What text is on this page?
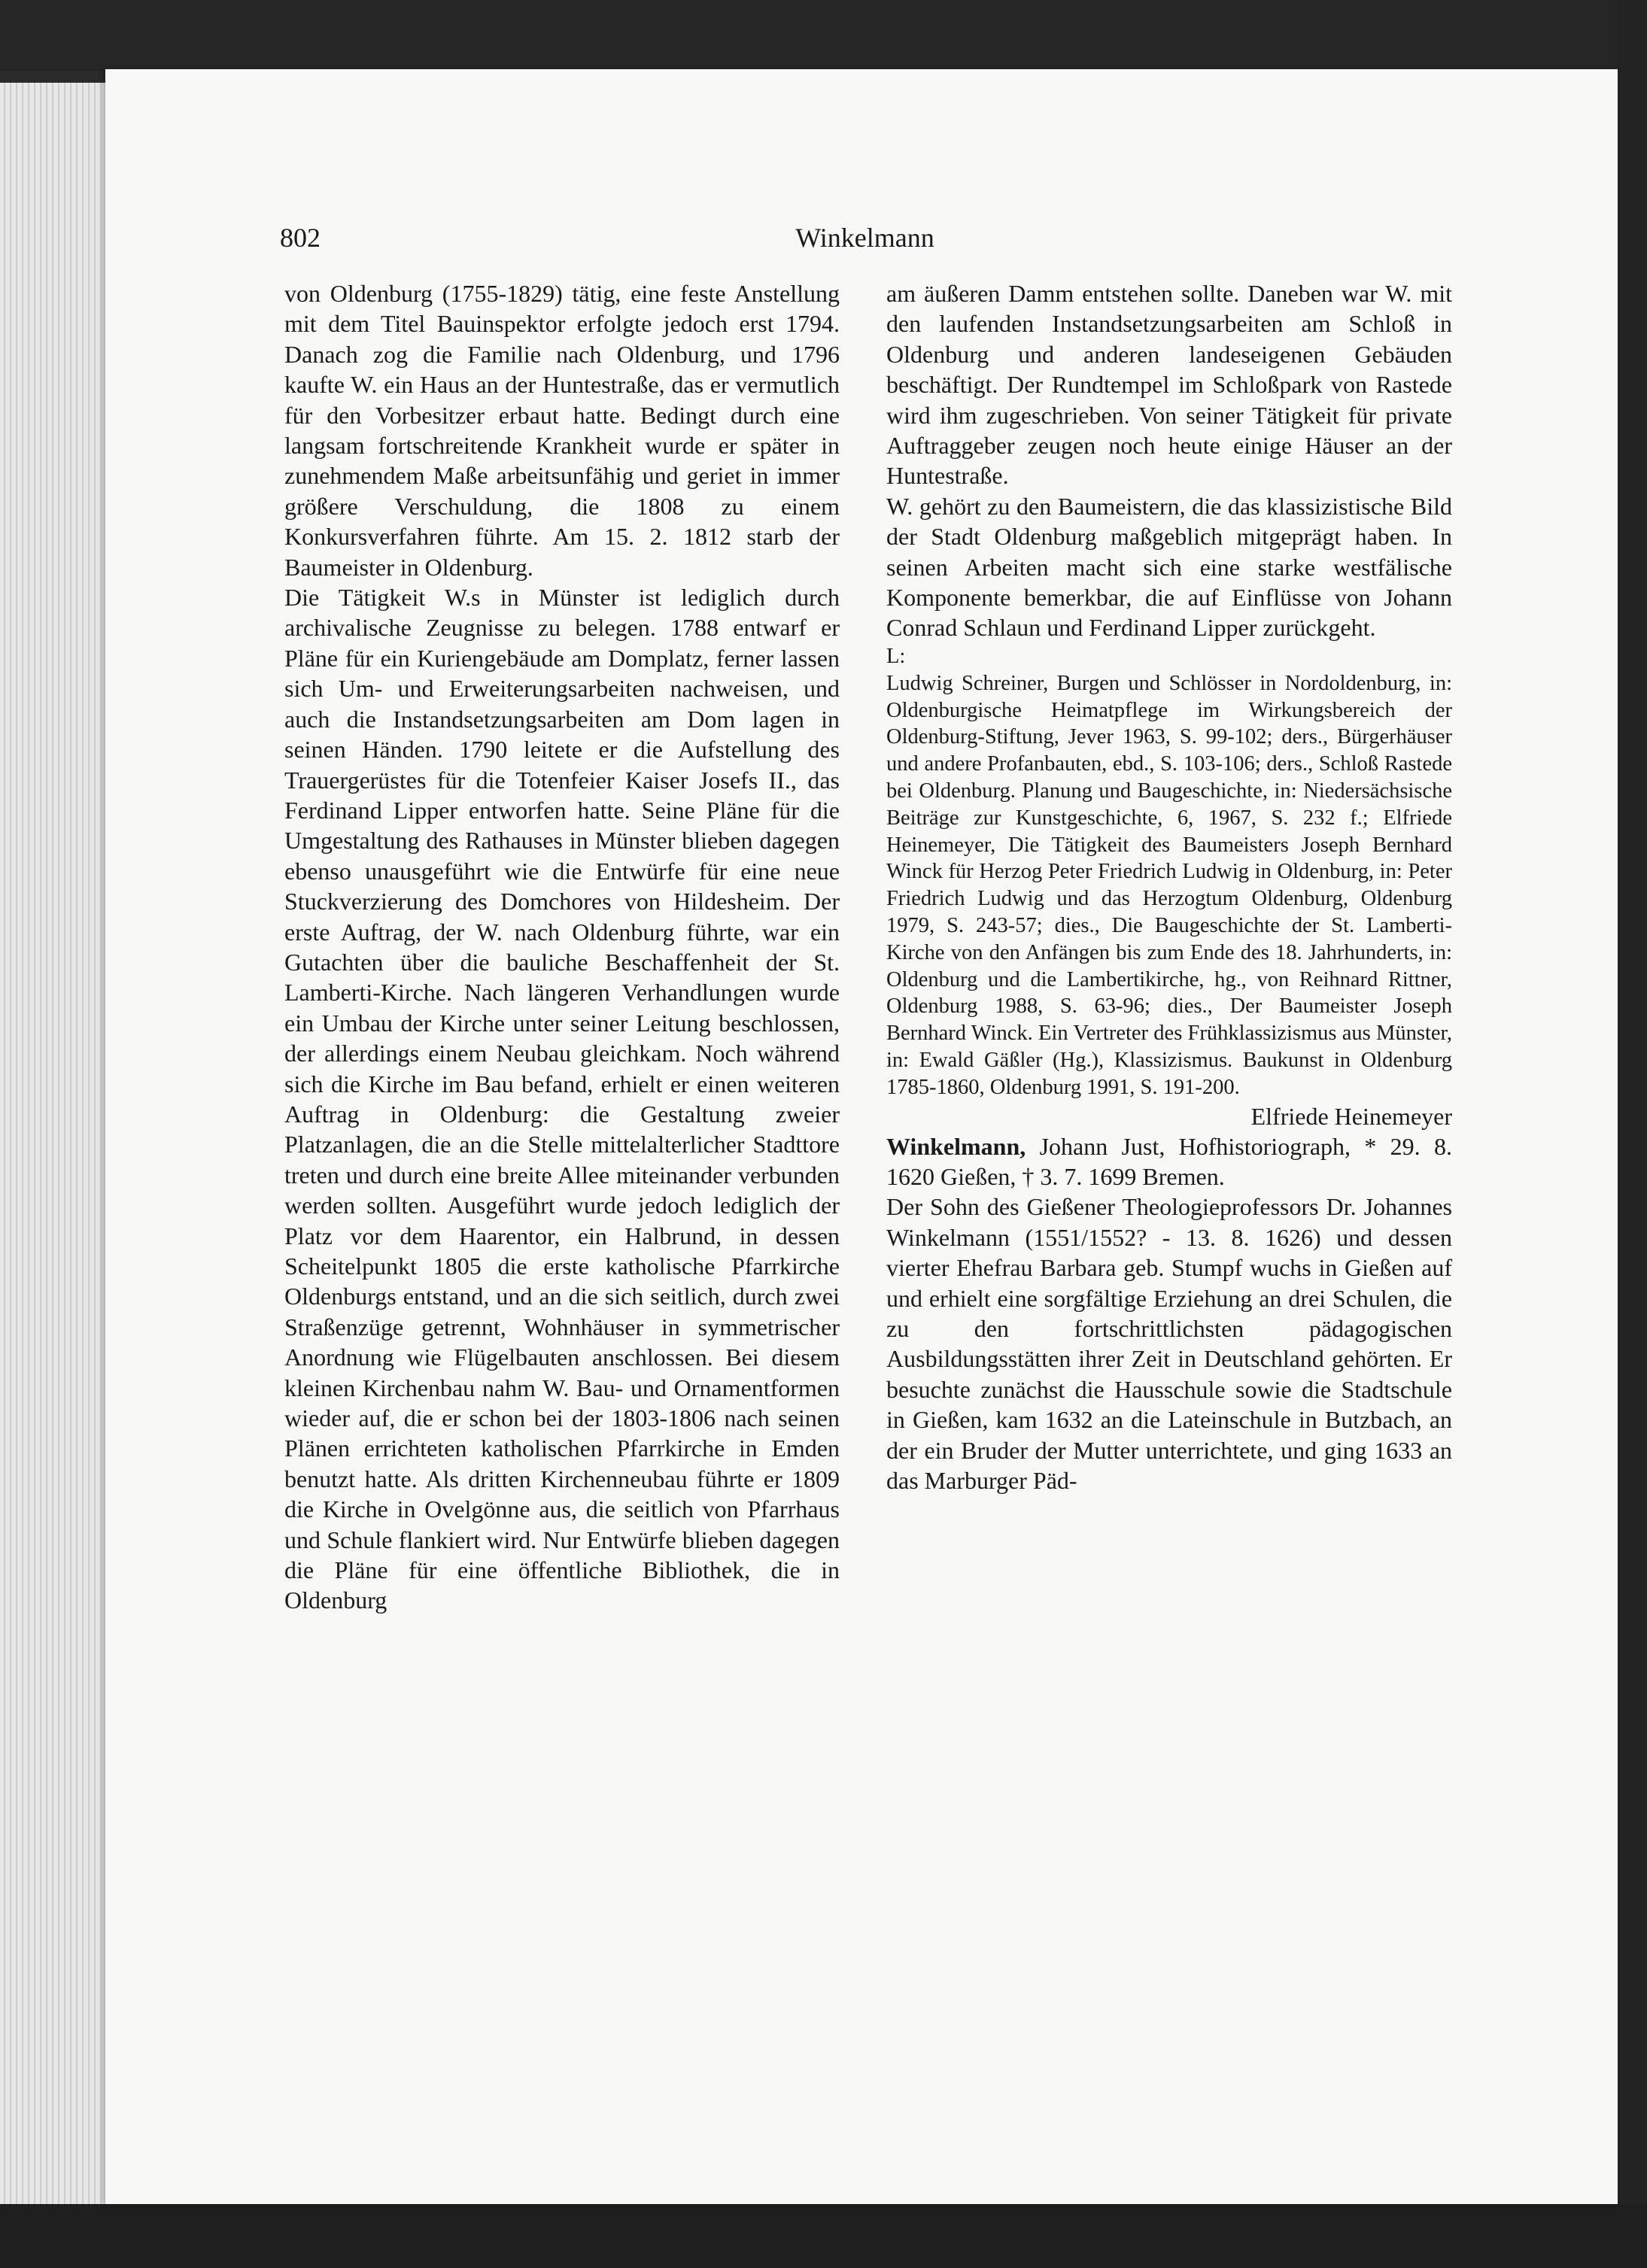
802	Winkelmann

von Oldenburg (1755-1829) tätig, eine feste Anstellung mit dem Titel Bauinspektor erfolgte jedoch erst 1794. Danach zog die Familie nach Oldenburg, und 1796 kaufte W. ein Haus an der Huntestraße, das er vermutlich für den Vorbesitzer erbaut hatte. Bedingt durch eine langsam fortschreitende Krankheit wurde er später in zunehmendem Maße arbeitsunfähig und geriet in immer größere Verschuldung, die 1808 zu einem Konkursverfahren führte. Am 15. 2. 1812 starb der Baumeister in Oldenburg.

Die Tätigkeit W.s in Münster ist lediglich durch archivalische Zeugnisse zu belegen. 1788 entwarf er Pläne für ein Kuriengebäude am Domplatz, ferner lassen sich Um- und Erweiterungsarbeiten nachweisen, und auch die Instandsetzungsarbeiten am Dom lagen in seinen Händen. 1790 leitete er die Aufstellung des Trauergerüstes für die Totenfeier Kaiser Josefs II., das Ferdinand Lipper entworfen hatte. Seine Pläne für die Umgestaltung des Rathauses in Münster blieben dagegen ebenso unausgeführt wie die Entwürfe für eine neue Stuckverzierung des Domchores von Hildesheim. Der erste Auftrag, der W. nach Oldenburg führte, war ein Gutachten über die bauliche Beschaffenheit der St. Lamberti-Kirche. Nach längeren Verhandlungen wurde ein Umbau der Kirche unter seiner Leitung beschlossen, der allerdings einem Neubau gleichkam. Noch während sich die Kirche im Bau befand, erhielt er einen weiteren Auftrag in Oldenburg: die Gestaltung zweier Platzanlagen, die an die Stelle mittelalterlicher Stadttore treten und durch eine breite Allee miteinander verbunden werden sollten. Ausgeführt wurde jedoch lediglich der Platz vor dem Haarentor, ein Halbrund, in dessen Scheitelpunkt 1805 die erste katholische Pfarrkirche Oldenburgs entstand, und an die sich seitlich, durch zwei Straßenzüge getrennt, Wohnhäuser in symmetrischer Anordnung wie Flügelbauten anschlossen. Bei diesem kleinen Kirchenbau nahm W. Bau- und Ornamentformen wieder auf, die er schon bei der 1803-1806 nach seinen Plänen errichteten katholischen Pfarrkirche in Emden benutzt hatte. Als dritten Kirchenneubau führte er 1809 die Kirche in Ovelgönne aus, die seitlich von Pfarrhaus und Schule flankiert wird. Nur Entwürfe blieben dagegen die Pläne für eine öffentliche Bibliothek, die in Oldenburg

am äußeren Damm entstehen sollte. Daneben war W. mit den laufenden Instandsetzungsarbeiten am Schloß in Oldenburg und anderen landeseigenen Gebäuden beschäftigt. Der Rundtempel im Schloßpark von Rastede wird ihm zugeschrieben. Von seiner Tätigkeit für private Auftraggeber zeugen noch heute einige Häuser an der Huntestraße.

W. gehört zu den Baumeistern, die das klassizistische Bild der Stadt Oldenburg maßgeblich mitgeprägt haben. In seinen Arbeiten macht sich eine starke westfälische Komponente bemerkbar, die auf Einflüsse von Johann Conrad Schlaun und Ferdinand Lipper zurückgeht.

L:

Ludwig Schreiner, Burgen und Schlösser in Nordoldenburg, in: Oldenburgische Heimatpflege im Wirkungsbereich der Oldenburg-Stiftung, Jever 1963, S. 99-102; ders., Bürgerhäuser und andere Profanbauten, ebd., S. 103-106; ders., Schloß Rastede bei Oldenburg. Planung und Baugeschichte, in: Niedersächsische Beiträge zur Kunstgeschichte, 6, 1967, S. 232 f.; Elfriede Heinemeyer, Die Tätigkeit des Baumeisters Joseph Bernhard Winck für Herzog Peter Friedrich Ludwig in Oldenburg, in: Peter Friedrich Ludwig und das Herzogtum Oldenburg, Oldenburg 1979, S. 243-57; dies., Die Baugeschichte der St. Lamberti-Kirche von den Anfängen bis zum Ende des 18. Jahrhunderts, in: Oldenburg und die Lambertikirche, hg., von Reihnard Rittner, Oldenburg 1988, S. 63-96; dies., Der Baumeister Joseph Bernhard Winck. Ein Vertreter des Frühklassizismus aus Münster, in: Ewald Gäßler (Hg.), Klassizismus. Baukunst in Oldenburg 1785-1860, Oldenburg 1991, S. 191-200.

Elfriede Heinemeyer

Winkelmann, Johann Just, Hofhistoriograph, * 29. 8. 1620 Gießen, † 3. 7. 1699 Bremen.

Der Sohn des Gießener Theologieprofessors Dr. Johannes Winkelmann (1551/1552? - 13. 8. 1626) und dessen vierter Ehefrau Barbara geb. Stumpf wuchs in Gießen auf und erhielt eine sorgfältige Erziehung an drei Schulen, die zu den fortschrittlichsten pädagogischen Ausbildungsstätten ihrer Zeit in Deutschland gehörten. Er besuchte zunächst die Hausschule sowie die Stadtschule in Gießen, kam 1632 an die Lateinschule in Butzbach, an der ein Bruder der Mutter unterrichtete, und ging 1633 an das Marburger Päd-
